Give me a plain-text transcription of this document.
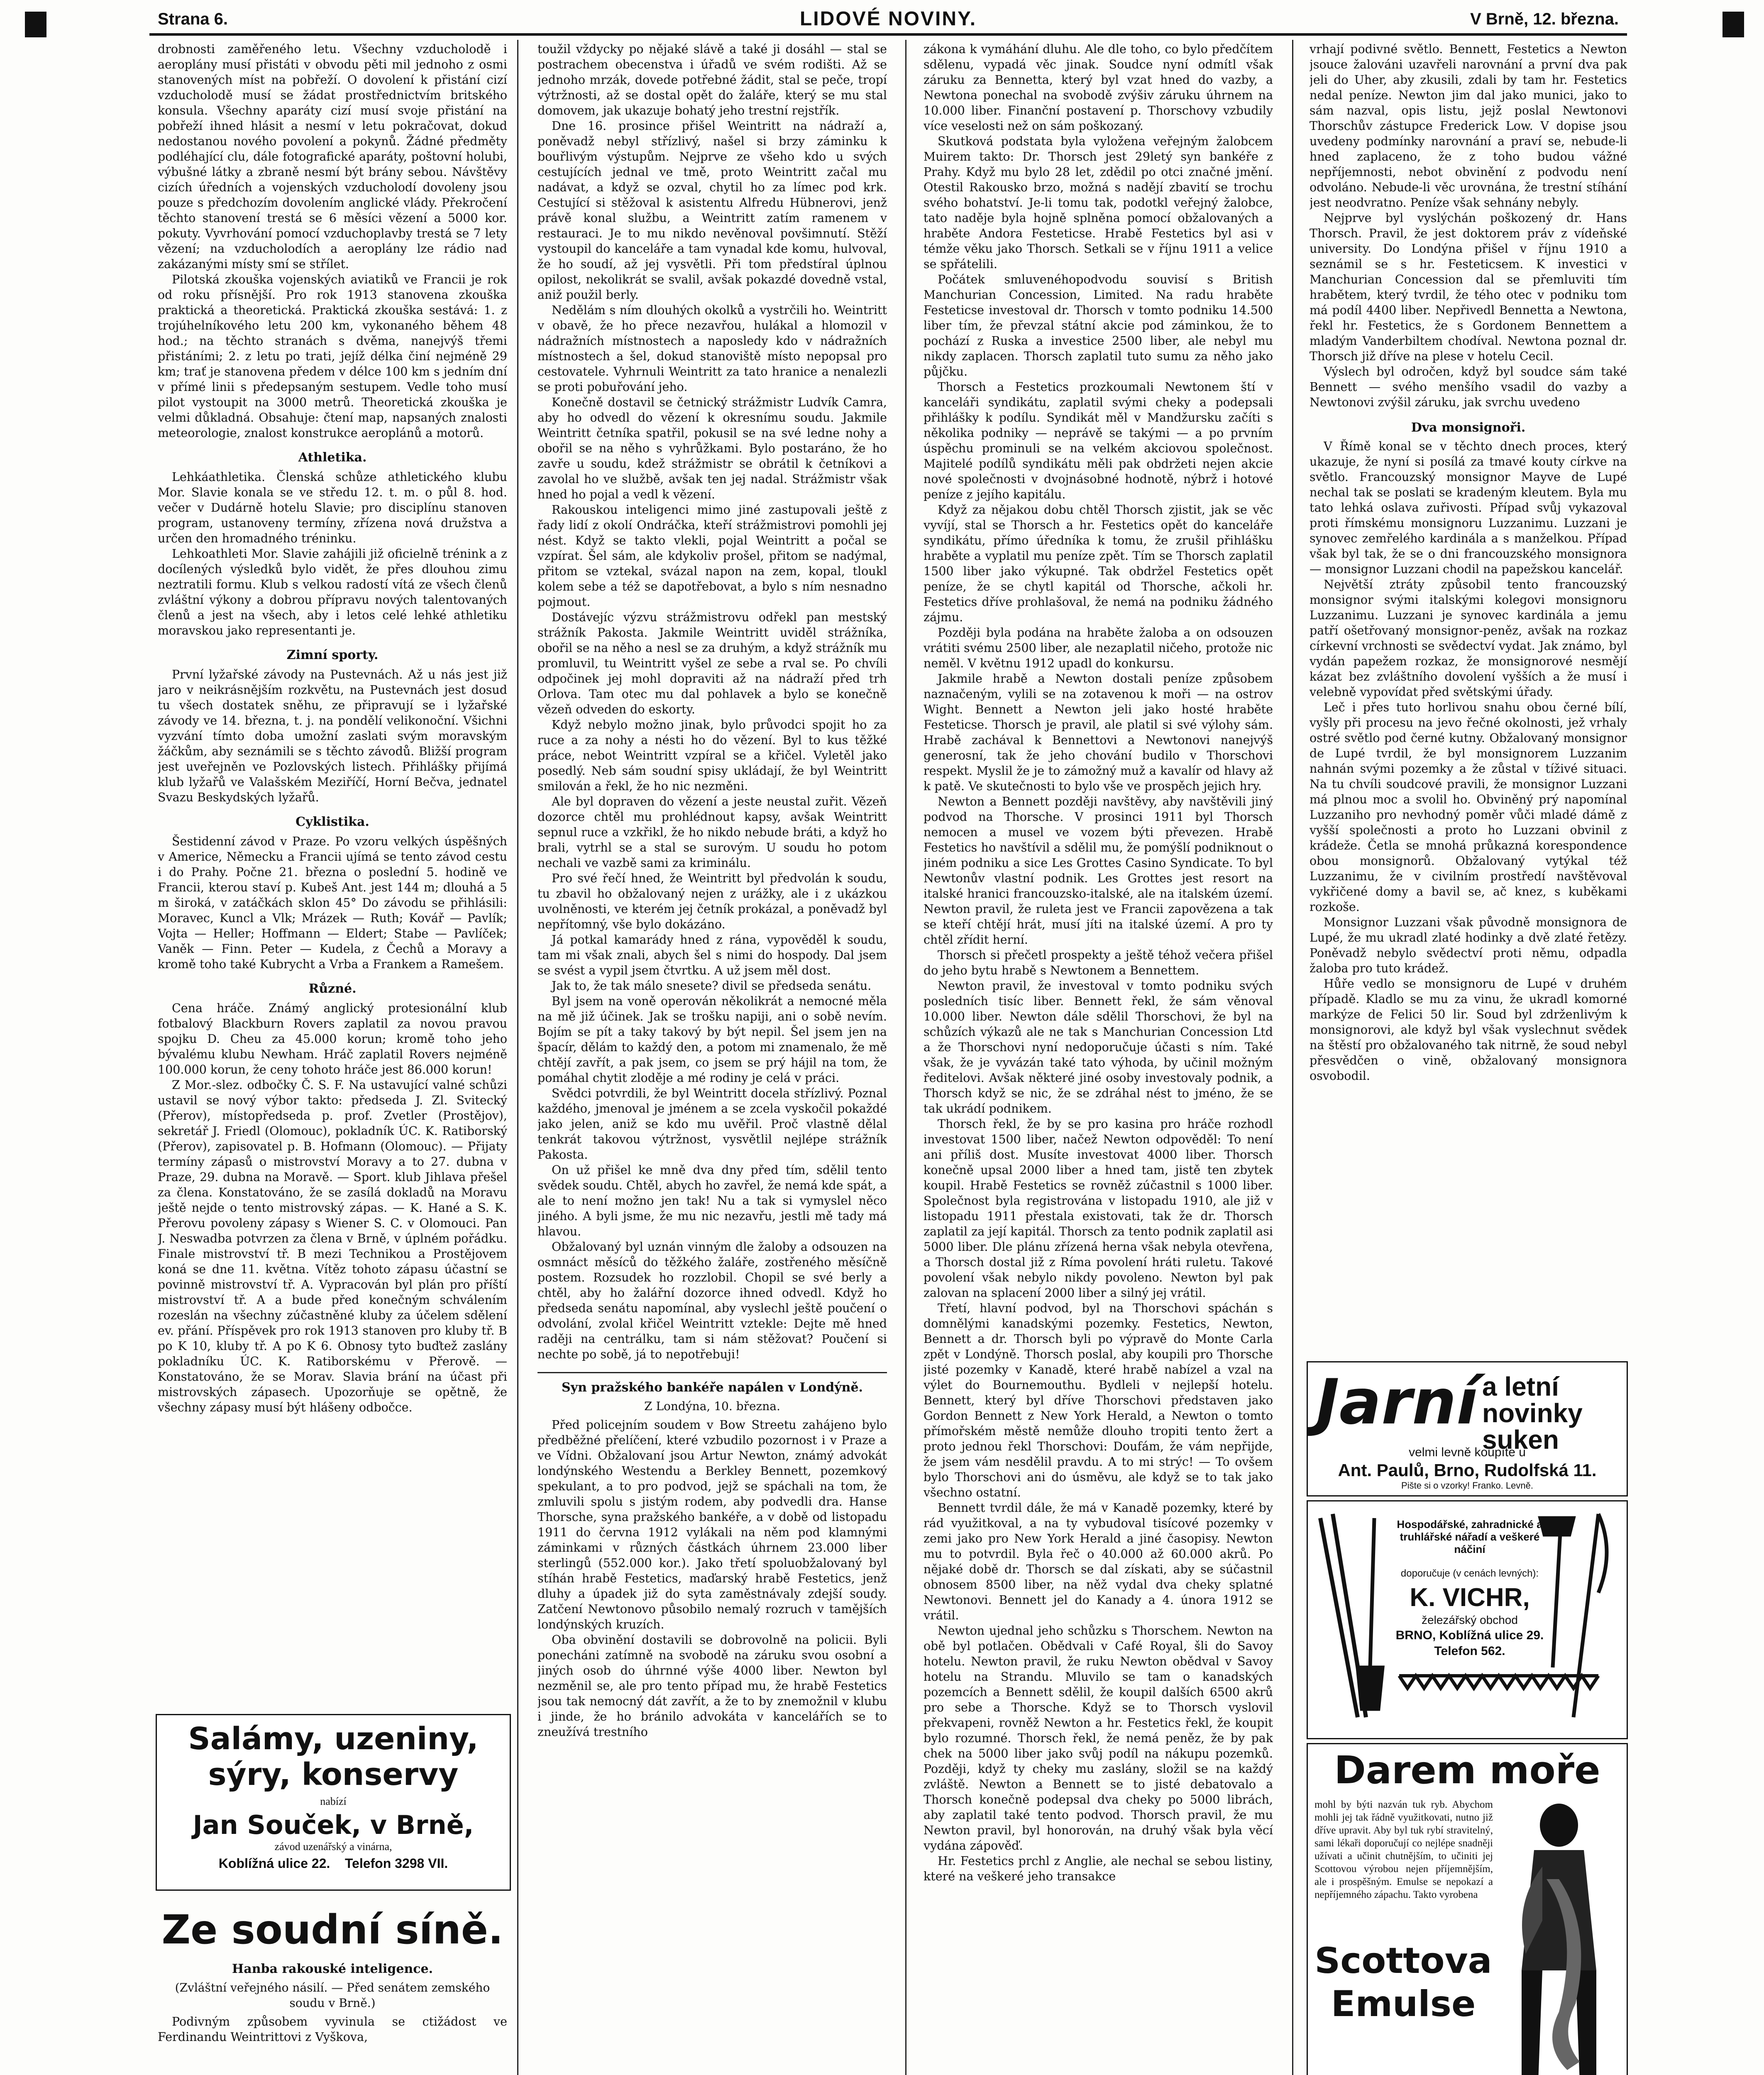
Strana 6.	LIDOVÉ NOVINY.	V Brně, 12. března.

drobnosti zaměřeného letu. Všechny vzducholodě i aeroplány musí přistáti v obvodu pěti mil jednoho z osmi stanovených míst na pobřeží. O dovolení k přistání cizí vzducholodě musí se žádat prostřednictvím britského konsula. Všechny aparáty cizí musí svoje přistání na pobřeží ihned hlásit a nesmí v letu pokračovat, dokud nedostanou nového povolení a pokynů. Žádné předměty podléhající clu, dále fotografické aparáty, poštovní holubi, výbušné látky a zbraně nesmí být brány sebou. Návštěvy cizích úředních a vojenských vzducholodí dovoleny jsou pouze s předchozím dovolením anglické vlády. Překročení těchto stanovení trestá se 6 měsíci vězení a 5000 kor. pokuty. Vyvrhování pomocí vzduchoplavby trestá se 7 lety vězení; na vzducholodích a aeroplány lze rádio nad zakázanými místy smí se střílet.

Pilotská zkouška vojenských aviatiků ve Francii je rok od roku přísnější. Pro rok 1913 stanovena zkouška praktická a theoretická. Praktická zkouška sestává: 1. z trojúhelníkového letu 200 km, vykonaného během 48 hod.; na těchto stranách s dvěma, nanejvýš třemi přistáními; 2. z letu po trati, jejíž délka činí nejméně 29 km; trať je stanovena předem v délce 100 km s jedním dní v přímé linii s předepsaným sestupem. Vedle toho musí pilot vystoupit na 3000 metrů. Theoretická zkouška je velmi důkladná. Obsahuje: čtení map, napsaných znalosti meteorologie, znalost konstrukce aeroplánů a motorů.

Athletika.

Lehkáathletika. Členská schůze athletického klubu Mor. Slavie konala se ve středu 12. t. m. o půl 8. hod. večer v Dudárně hotelu Slavie; pro disciplínu stanoven program, ustanoveny termíny, zřízena nová družstva a určen den hromadného tréninku.

Lehkoathleti Mor. Slavie zahájili již oficielně trénink a z docílených výsledků bylo vidět, že přes dlouhou zimu neztratili formu. Klub s velkou radostí vítá ze všech členů zvláštní výkony a dobrou přípravu nových talentovaných členů a jest na všech, aby i letos celé lehké athletiku moravskou jako representanti je.

Zimní sporty.

První lyžařské závody na Pustevnách. Až u nás jest již jaro v neikrásnějším rozkvětu, na Pustevnách jest dosud tu všech dostatek sněhu, ze připravují se i lyžařské závody ve 14. března, t. j. na pondělí velikonoční. Všichni vyzvání tímto doba umožní zaslati svým moravským žáčkům, aby seznámili se s těchto závodů. Bližší program jest uveřejněn ve Pozlovských listech. Přihlášky přijímá klub lyžařů ve Valašském Meziříčí, Horní Bečva, jednatel Svazu Beskydských lyžařů.

Cyklistika.

Šestidenní závod v Praze. Po vzoru velkých úspěšných v Americe, Německu a Francii ujímá se tento závod cestu i do Prahy. Počne 21. března o poslední 5. hodině ve Francii, kterou staví p. Kubeš Ant. jest 144 m; dlouhá a 5 m široká, v zatáčkách sklon 45° Do závodu se přihlásili: Moravec, Kuncl a Vlk; Mrázek — Ruth; Kovář — Pavlík; Vojta — Heller; Hoffmann — Eldert; Stabe — Pavlíček; Vaněk — Finn. Peter — Kudela, z Čechů a Moravy a kromě toho také Kubrycht a Vrba a Frankem a Ramešem.

Různé.

Cena hráče. Známý anglický protesionální klub fotbalový Blackburn Rovers zaplatil za novou pravou spojku D. Cheu za 45.000 korun; kromě toho jeho bývalému klubu Newham. Hráč zaplatil Rovers nejméně 100.000 korun, že ceny tohoto hráče jest 86.000 korun!

Z Mor.-slez. odbočky Č. S. F. Na ustavující valné schůzi ustavil se nový výbor takto: předseda J. Zl. Svitecký (Přerov), místopředseda p. prof. Zvetler (Prostějov), sekretář J. Friedl (Olomouc), pokladník ÚC. K. Ratiborský (Přerov), zapisovatel p. B. Hofmann (Olomouc). — Přijaty termíny zápasů o mistrovství Moravy a to 27. dubna v Praze, 29. dubna na Moravě. — Sport. klub Jihlava přešel za člena. Konstatováno, že se zasílá dokladů na Moravu ještě nejde o tento mistrovský zápas. — K. Hané a S. K. Přerovu povoleny zápasy s Wiener S. C. v Olomouci. Pan J. Neswadba potvrzen za člena v Brně, v úplném pořádku. Finale mistrovství tř. B mezi Technikou a Prostějovem koná se dne 11. května. Vítěz tohoto zápasu účastní se povinně mistrovství tř. A. Vypracován byl plán pro příští mistrovství tř. A a bude před konečným schválením rozeslán na všechny zúčastněné kluby za účelem sdělení ev. přání. Příspěvek pro rok 1913 stanoven pro kluby tř. B po K 10, kluby tř. A po K 6. Obnosy tyto buďtež zaslány pokladníku ÚC. K. Ratiborskému v Přerově. — Konstatováno, že se Morav. Slavia brání na účast při mistrovských zápasech. Upozorňuje se opětně, že všechny zápasy musí být hlášeny odbočce.

Salámy, uzeniny,
sýry, konservy
nabízí
Jan Souček, v Brně,
závod uzenářský a vinárna,
Koblížná ulice 22. Telefon 3298 VII.
Ze soudní síně.
Hanba rakouské inteligence.
(Zvláštní veřejného násilí. — Před senátem zemského soudu v Brně.)

Podivným způsobem vyvinula se ctižádost ve Ferdinandu Weintrittovi z Vyškova,

toužil vždycky po nějaké slávě a také ji dosáhl — stal se postrachem obecenstva i úřadů ve svém rodišti. Až se jednoho mrzák, dovede potřebné žádit, stal se peče, tropí výtržnosti, až se dostal opět do žaláře, který se mu stal domovem, jak ukazuje bohatý jeho trestní rejstřík.

Dne 16. prosince přišel Weintritt na nádraží a, poněvadž nebyl střízlivý, našel si brzy záminku k bouřlivým výstupům. Nejprve ze všeho kdo u svých cestujících jednal ve tmě, proto Weintritt začal mu nadávat, a když se ozval, chytil ho za límec pod krk. Cestující si stěžoval k asistentu Alfredu Hübnerovi, jenž právě konal službu, a Weintritt zatím ramenem v restauraci. Je to mu nikdo nevěnoval povšimnutí. Stěží vystoupil do kanceláře a tam vynadal kde komu, hulvoval, že ho soudí, až jej vysvětli. Při tom předstíral úplnou opilost, nekolikrát se svalil, avšak pokazdé dovedně vstal, aniž použil berly.

Nedělám s ním dlouhých okolků a vystrčili ho. Weintritt v obavě, že ho přece nezavřou, hulákal a hlomozil v nádražních místnostech a naposledy kdo v nádražních místnostech a šel, dokud stanoviště místo nepopsal pro cestovatele. Vyhrnuli Weintritt za tato hranice a nenalezli se proti pobuřování jeho.

Konečně dostavil se četnický strážmistr Ludvík Camra, aby ho odvedl do vězení k okresnímu soudu. Jakmile Weintritt četníka spatřil, pokusil se na své ledne nohy a obořil se na něho s vyhrůžkami. Bylo postaráno, že ho zavře u soudu, kdež strážmistr se obrátil k četníkovi a zavolal ho ve službě, avšak ten jej nadal. Strážmistr však hned ho pojal a vedl k vězení.

Rakouskou inteligenci mimo jiné zastupovali ještě z řady lidí z okolí Ondráčka, kteří strážmistrovi pomohli jej nést. Když se takto vlekli, pojal Weintritt a počal se vzpírat. Šel sám, ale kdykoliv prošel, přitom se nadýmal, přitom se vztekal, svázal napon na zem, kopal, tloukl kolem sebe a též se dapotřebovat, a bylo s ním nesnadno pojmout.

Dostávejíc výzvu strážmistrovu odřekl pan mestský strážník Pakosta. Jakmile Weintritt uviděl strážníka, obořil se na něho a nesl se za druhým, a když strážník mu promluvil, tu Weintritt vyšel ze sebe a rval se. Po chvíli odpočinek jej mohl dopraviti až na nádraží před trh Orlova. Tam otec mu dal pohlavek a bylo se konečně vězeň odveden do eskorty.

Když nebylo možno jinak, bylo průvodci spojit ho za ruce a za nohy a nésti ho do vězení. Byl to kus těžké práce, nebot Weintritt vzpíral se a křičel. Vyletěl jako posedlý. Neb sám soudní spisy ukládají, že byl Weintritt smilován a řekl, že ho nic nezměni.

Ale byl dopraven do vězení a jeste neustal zuřit. Vězeň dozorce chtěl mu prohlédnout kapsy, avšak Weintritt sepnul ruce a vzkřikl, že ho nikdo nebude bráti, a když ho brali, vytrhl se a stal se surovým. U soudu ho potom nechali ve vazbě sami za kriminálu.

Pro své řečí hned, že Weintritt byl předvolán k soudu, tu zbavil ho obžalovaný nejen z urážky, ale i z ukázkou uvolněnosti, ve kterém jej četník prokázal, a poněvadž byl nepřítomný, vše bylo dokázáno.

Já potkal kamarády hned z rána, vypověděl k soudu, tam mi však znali, abych šel s nimi do hospody. Dal jsem se svést a vypil jsem čtvrtku. A už jsem měl dost.

Jak to, že tak málo snesete? divil se předseda senátu.

Byl jsem na voně operován několikrát a nemocné měla na mě již účinek. Jak se trošku napiji, ani o sobě nevím. Bojím se pít a taky takový by být nepil. Šel jsem jen na špacír, dělám to každý den, a potom mi znamenalo, že mě chtějí zavřít, a pak jsem, co jsem se prý hájil na tom, že pomáhal chytit zloděje a mé rodiny je celá v práci.

Svědci potvrdili, že byl Weintritt docela střízlivý. Poznal každého, jmenoval je jménem a se zcela vyskočil pokaždé jako jelen, aniž se kdo mu uvěřil. Proč vlastně dělal tenkrát takovou výtržnost, vysvětlil nejlépe strážník Pakosta.

On už přišel ke mně dva dny před tím, sdělil tento svědek soudu. Chtěl, abych ho zavřel, že nemá kde spát, a ale to není možno jen tak! Nu a tak si vymyslel něco jiného. A byli jsme, že mu nic nezavřu, jestli mě tady má hlavou.

Obžalovaný byl uznán vinným dle žaloby a odsouzen na osmnáct měsíců do těžkého žaláře, zostřeného měsíčně postem. Rozsudek ho rozzlobil. Chopil se své berly a chtěl, aby ho žalářní dozorce ihned odvedl. Když ho předseda senátu napomínal, aby vyslechl ještě poučení o odvolání, zvolal křičel Weintritt vztekle: Dejte mě hned raději na centrálku, tam si nám stěžovat? Poučení si nechte po sobě, já to nepotřebuji!

Syn pražského bankéře napálen v Londýně.
Z Londýna, 10. března.

Před policejním soudem v Bow Streetu zahájeno bylo předběžné přelíčení, které vzbudilo pozornost i v Praze a ve Vídni. Obžalovaní jsou Artur Newton, známý advokát londýnského Westendu a Berkley Bennett, pozemkový spekulant, a to pro podvod, jejž se spáchali na tom, že zmluvili spolu s jistým rodem, aby podvedli dra. Hanse Thorsche, syna pražského bankéře, a v době od listopadu 1911 do června 1912 vylákali na něm pod klamnými záminkami v různých částkách úhrnem 23.000 liber sterlingů (552.000 kor.). Jako třetí spoluobžalovaný byl stíhán hrabě Festetics, maďarský hrabě Festetics, jenž dluhy a úpadek již do syta zaměstnávaly zdejší soudy. Zatčení Newtonovo působilo nemalý rozruch v tamějších londýnských kruzích.

Oba obvinění dostavili se dobrovolně na policii. Byli ponecháni zatímně na svobodě na záruku svou osobní a jiných osob do úhrnné výše 4000 liber. Newton byl nezměnil se, ale pro tento případ mu, že hrabě Festetics jsou tak nemocný dát zavřít, a že to by znemožnil v klubu i jinde, že ho bránilo advokáta v kancelářích se to zneužívá trestního

zákona k vymáhání dluhu. Ale dle toho, co bylo předčítem sdělenu, vypadá věc jinak. Soudce nyní odmítl však záruku za Bennetta, který byl vzat hned do vazby, a Newtona ponechal na svobodě zvýšiv záruku úhrnem na 10.000 liber. Finanční postavení p. Thorschovy vzbudily více veselosti než on sám poškozaný.

Skutková podstata byla vyložena veřejným žalobcem Muirem takto: Dr. Thorsch jest 29letý syn bankéře z Prahy. Když mu bylo 28 let, zdědil po otci značné jmění. Otestil Rakousko brzo, možná s nadějí zbavití se trochu svého bohatství. Je-li tomu tak, podotkl veřejný žalobce, tato naděje byla hojně splněna pomocí obžalovaných a hraběte Andora Festeticse. Hrabě Festetics byl asi v témže věku jako Thorsch. Setkali se v říjnu 1911 a velice se spřátelili.

Počátek smluvenéhopodvodu souvisí s British Manchurian Concession, Limited. Na radu hraběte Festeticse investoval dr. Thorsch v tomto podniku 14.500 liber tím, že převzal státní akcie pod záminkou, že to pochází z Ruska a investice 2500 liber, ale nebyl mu nikdy zaplacen. Thorsch zaplatil tuto sumu za něho jako půjčku.

Thorsch a Festetics prozkoumali Newtonem ští v kanceláři syndikátu, zaplatil svými cheky a podepsali přihlášky k podílu. Syndikát měl v Mandžursku začíti s několika podniky — neprávě se takými — a po prvním úspěchu prominuli se na velkém akciovou společnost. Majitelé podílů syndikátu měli pak obdržeti nejen akcie nové společnosti v dvojnásobné hodnotě, nýbrž i hotové peníze z jejího kapitálu.

Když za nějakou dobu chtěl Thorsch zjistit, jak se věc vyvíjí, stal se Thorsch a hr. Festetics opět do kanceláře syndikátu, přímo úředníka k tomu, že zrušil přihlášku hraběte a vyplatil mu peníze zpět. Tím se Thorsch zaplatil 1500 liber jako výkupné. Tak obdržel Festetics opět peníze, že se chytl kapitál od Thorsche, ačkoli hr. Festetics dříve prohlašoval, že nemá na podniku žádného zájmu.

Později byla podána na hraběte žaloba a on odsouzen vrátiti svému 2500 liber, ale nezaplatil ničeho, protože nic neměl. V květnu 1912 upadl do konkursu.

Jakmile hrabě a Newton dostali peníze způsobem naznačeným, vylili se na zotavenou k moři — na ostrov Wight. Bennett a Newton jeli jako hosté hraběte Festeticse. Thorsch je pravil, ale platil si své výlohy sám. Hrabě zachával k Bennettovi a Newtonovi nanejvýš generosní, tak že jeho chování budilo v Thorschovi respekt. Myslil že je to zámožný muž a kavalír od hlavy až k patě. Ve skutečnosti to bylo vše ve prospěch jejich hry.

Newton a Bennett později navštěvy, aby navštěvili jiný podvod na Thorsche. V prosinci 1911 byl Thorsch nemocen a musel ve vozem býti převezen. Hrabě Festetics ho navštívil a sdělil mu, že pomýšlí podniknout o jiném podniku a sice Les Grottes Casino Syndicate. To byl Newtonův vlastní podnik. Les Grottes jest resort na italské hranici francouzsko-italské, ale na italském území. Newton pravil, že ruleta jest ve Francii zapovězena a tak se kteří chtějí hrát, musí jíti na italské území. A pro ty chtěl zřídit herní.

Thorsch si přečetl prospekty a ještě téhož večera přišel do jeho bytu hrabě s Newtonem a Bennettem.

Newton pravil, že investoval v tomto podniku svých posledních tisíc liber. Bennett řekl, že sám věnoval 10.000 liber. Newton dále sdělil Thorschovi, že byl na schůzích výkazů ale ne tak s Manchurian Concession Ltd a že Thorschovi nyní nedoporučuje účasti s ním. Také však, že je vyvázán také tato výhoda, by učinil možným ředitelovi. Avšak některé jiné osoby investovaly podnik, a Thorsch když se nic, že se zdráhal nést to jméno, že se tak ukrádí podnikem.

Thorsch řekl, že by se pro kasina pro hráče rozhodl investovat 1500 liber, načež Newton odpověděl: To není ani příliš dost. Musíte investovat 4000 liber. Thorsch konečně upsal 2000 liber a hned tam, jistě ten zbytek koupil. Hrabě Festetics se rovněž zúčastnil s 1000 liber. Společnost byla registrována v listopadu 1910, ale již v listopadu 1911 přestala existovati, tak že dr. Thorsch zaplatil za její kapitál. Thorsch za tento podnik zaplatil asi 5000 liber. Dle plánu zřízená herna však nebyla otevřena, a Thorsch dostal již z Ríma povolení hráti ruletu. Takové povolení však nebylo nikdy povoleno. Newton byl pak zalovan na splacení 2000 liber a silný jej vrátil.

Třetí, hlavní podvod, byl na Thorschovi spáchán s domnělými kanadskými pozemky. Festetics, Newton, Bennett a dr. Thorsch byli po výpravě do Monte Carla zpět v Londýně. Thorsch poslal, aby koupili pro Thorsche jisté pozemky v Kanadě, které hrabě nabízel a vzal na výlet do Bournemouthu. Bydleli v nejlepší hotelu. Bennett, který byl dříve Thorschovi představen jako Gordon Bennett z New York Herald, a Newton o tomto přímořském městě nemůže dlouho tropiti tento žert a proto jednou řekl Thorschovi: Doufám, že vám nepřijde, že jsem vám nesdělil pravdu. A to mi strýc! — To ovšem bylo Thorschovi ani do úsměvu, ale když se to tak jako všechno ostatní.

Bennett tvrdil dále, že má v Kanadě pozemky, které by rád využitkoval, a na ty vybudoval tisícové pozemky v zemi jako pro New York Herald a jiné časopisy. Newton mu to potvrdil. Byla řeč o 40.000 až 60.000 akrů. Po nějaké době dr. Thorsch se dal získati, aby se súčastnil obnosem 8500 liber, na něž vydal dva cheky splatné Newtonovi. Bennett jel do Kanady a 4. února 1912 se vrátil.

Newton ujednal jeho schůzku s Thorschem. Newton na obě byl potlačen. Obědvali v Café Royal, šli do Savoy hotelu. Newton pravil, že ruku Newton obědval v Savoy hotelu na Strandu. Mluvilo se tam o kanadských pozemcích a Bennett sdělil, že koupil dalších 6500 akrů pro sebe a Thorsche. Když se to Thorsch vyslovil překvapeni, rovněž Newton a hr. Festetics řekl, že koupit bylo rozumné. Thorsch řekl, že nemá peněz, že by pak chek na 5000 liber jako svůj podíl na nákupu pozemků. Později, když ty cheky mu zaslány, složil se na každý zvláště. Newton a Bennett se to jisté debatovalo a Thorsch konečně podepsal dva cheky po 5000 librách, aby zaplatil také tento podvod. Thorsch pravil, že mu Newton pravil, byl honorován, na druhý však byla věcí vydána zápověď.

Hr. Festetics prchl z Anglie, ale nechal se sebou listiny, které na veškeré jeho transakce

vrhají podivné světlo. Bennett, Festetics a Newton jsouce žalováni uzavřeli narovnání a první dva pak jeli do Uher, aby zkusili, zdali by tam hr. Festetics nedal peníze. Newton jim dal jako munici, jako to sám nazval, opis listu, jejž poslal Newtonovi Thorschův zástupce Frederick Low. V dopise jsou uvedeny podmínky narovnání a praví se, nebude-li hned zaplaceno, že z toho budou vážné nepříjemnosti, nebot obvinění z podvodu není odvoláno. Nebude-li věc urovnána, že trestní stíhání jest neodvratno. Peníze však sehnány nebyly.

Nejprve byl vyslýchán poškozený dr. Hans Thorsch. Pravil, že jest doktorem práv z vídeňské university. Do Londýna přišel v říjnu 1910 a seznámil se s hr. Festeticsem. K investici v Manchurian Concession dal se přemluviti tím hrabětem, který tvrdil, že tého otec v podniku tom má podíl 4400 liber. Nepřivedl Bennetta a Newtona, řekl hr. Festetics, že s Gordonem Bennettem a mladým Vanderbiltem chodíval. Newtona poznal dr. Thorsch již dříve na plese v hotelu Cecil.

Výslech byl odročen, když byl soudce sám také Bennett — svého menšího vsadil do vazby a Newtonovi zvýšil záruku, jak svrchu uvedeno

Dva monsignoři.

V Římě konal se v těchto dnech proces, který ukazuje, že nyní si posílá za tmavé kouty církve na světlo. Francouzský monsignor Mayve de Lupé nechal tak se poslati se kradeným kleutem. Byla mu tato lehká oslava zuřivosti. Případ svůj vykazoval proti římskému monsignoru Luzzanimu. Luzzani je synovec zemřelého kardinála a s manželkou. Případ však byl tak, že se o dni francouzského monsignora — monsignor Luzzani chodil na papežskou kancelář.

Největší ztráty způsobil tento francouzský monsignor svými italskými kolegovi monsignoru Luzzanimu. Luzzani je synovec kardinála a jemu patří ošetřovaný monsignor-peněz, avšak na rozkaz církevní vrchnosti se svědectví vydat. Jak známo, byl vydán papežem rozkaz, že monsignorové nesmějí kázat bez zvláštního dovolení vyšších a že musí i velebně vypovídat před světskými úřady.

Leč i přes tuto horlivou snahu obou černé bílí, vyšly při procesu na jevo řečné okolnosti, jež vrhaly ostré světlo pod černé kutny. Obžalovaný monsignor de Lupé tvrdil, že byl monsignorem Luzzanim nahnán svými pozemky a že zůstal v tíživé situaci. Na tu chvíli soudcové pravili, že monsignor Luzzani má plnou moc a svolil ho. Obviněný prý napomínal Luzzaniho pro nevhodný poměr vůči mladé dámě z vyšší společnosti a proto ho Luzzani obvinil z krádeže. Četla se mnohá průkazná korespondence obou monsignorů. Obžalovaný vytýkal též Luzzanimu, že v civilním prostředí navštěvoval vykřičené domy a bavil se, ač knez, s kuběkami rozkoše.

Monsignor Luzzani však původně monsignora de Lupé, že mu ukradl zlaté hodinky a dvě zlaté řetězy. Poněvadž nebylo svědectví proti němu, odpadla žaloba pro tuto krádež.

Hůře vedlo se monsignoru de Lupé v druhém případě. Kladlo se mu za vinu, že ukradl komorné markýze de Felici 50 lir. Soud byl zdrženlivým k monsignorovi, ale když byl však vyslechnut svědek na štěstí pro obžalovaného tak nitrně, že soud nebyl přesvědčen o vině, obžalovaný monsignora osvobodil.

Jarní a letní
novinky
suken
velmi levně koupíte u
Ant. Paulů, Brno, Rudolfská 11.
Pište si o vzorky! Franko. Levně.
Hospodářské, zahradnické a truhlářské nářadí a veškeré náčiní
doporučuje (v cenách levných):
K. VICHR,
železářský obchod
BRNO, Koblížná ulice 29.
Telefon 562.
Darem moře
mohl by býti nazván tuk ryb. Abychom mohli jej tak řádně využitkovati, nutno již dříve upravit. Aby byl tuk rybí stravitelný, sami lékaři doporučují co nejlépe snadněji užívati a učinit chutnějším, to učiniti jej Scottovou výrobou nejen příjemnějším, ale i prospěšným. Emulse se nepokazí a nepříjemného zápachu. Takto vyrobena
Scottova Emulse
